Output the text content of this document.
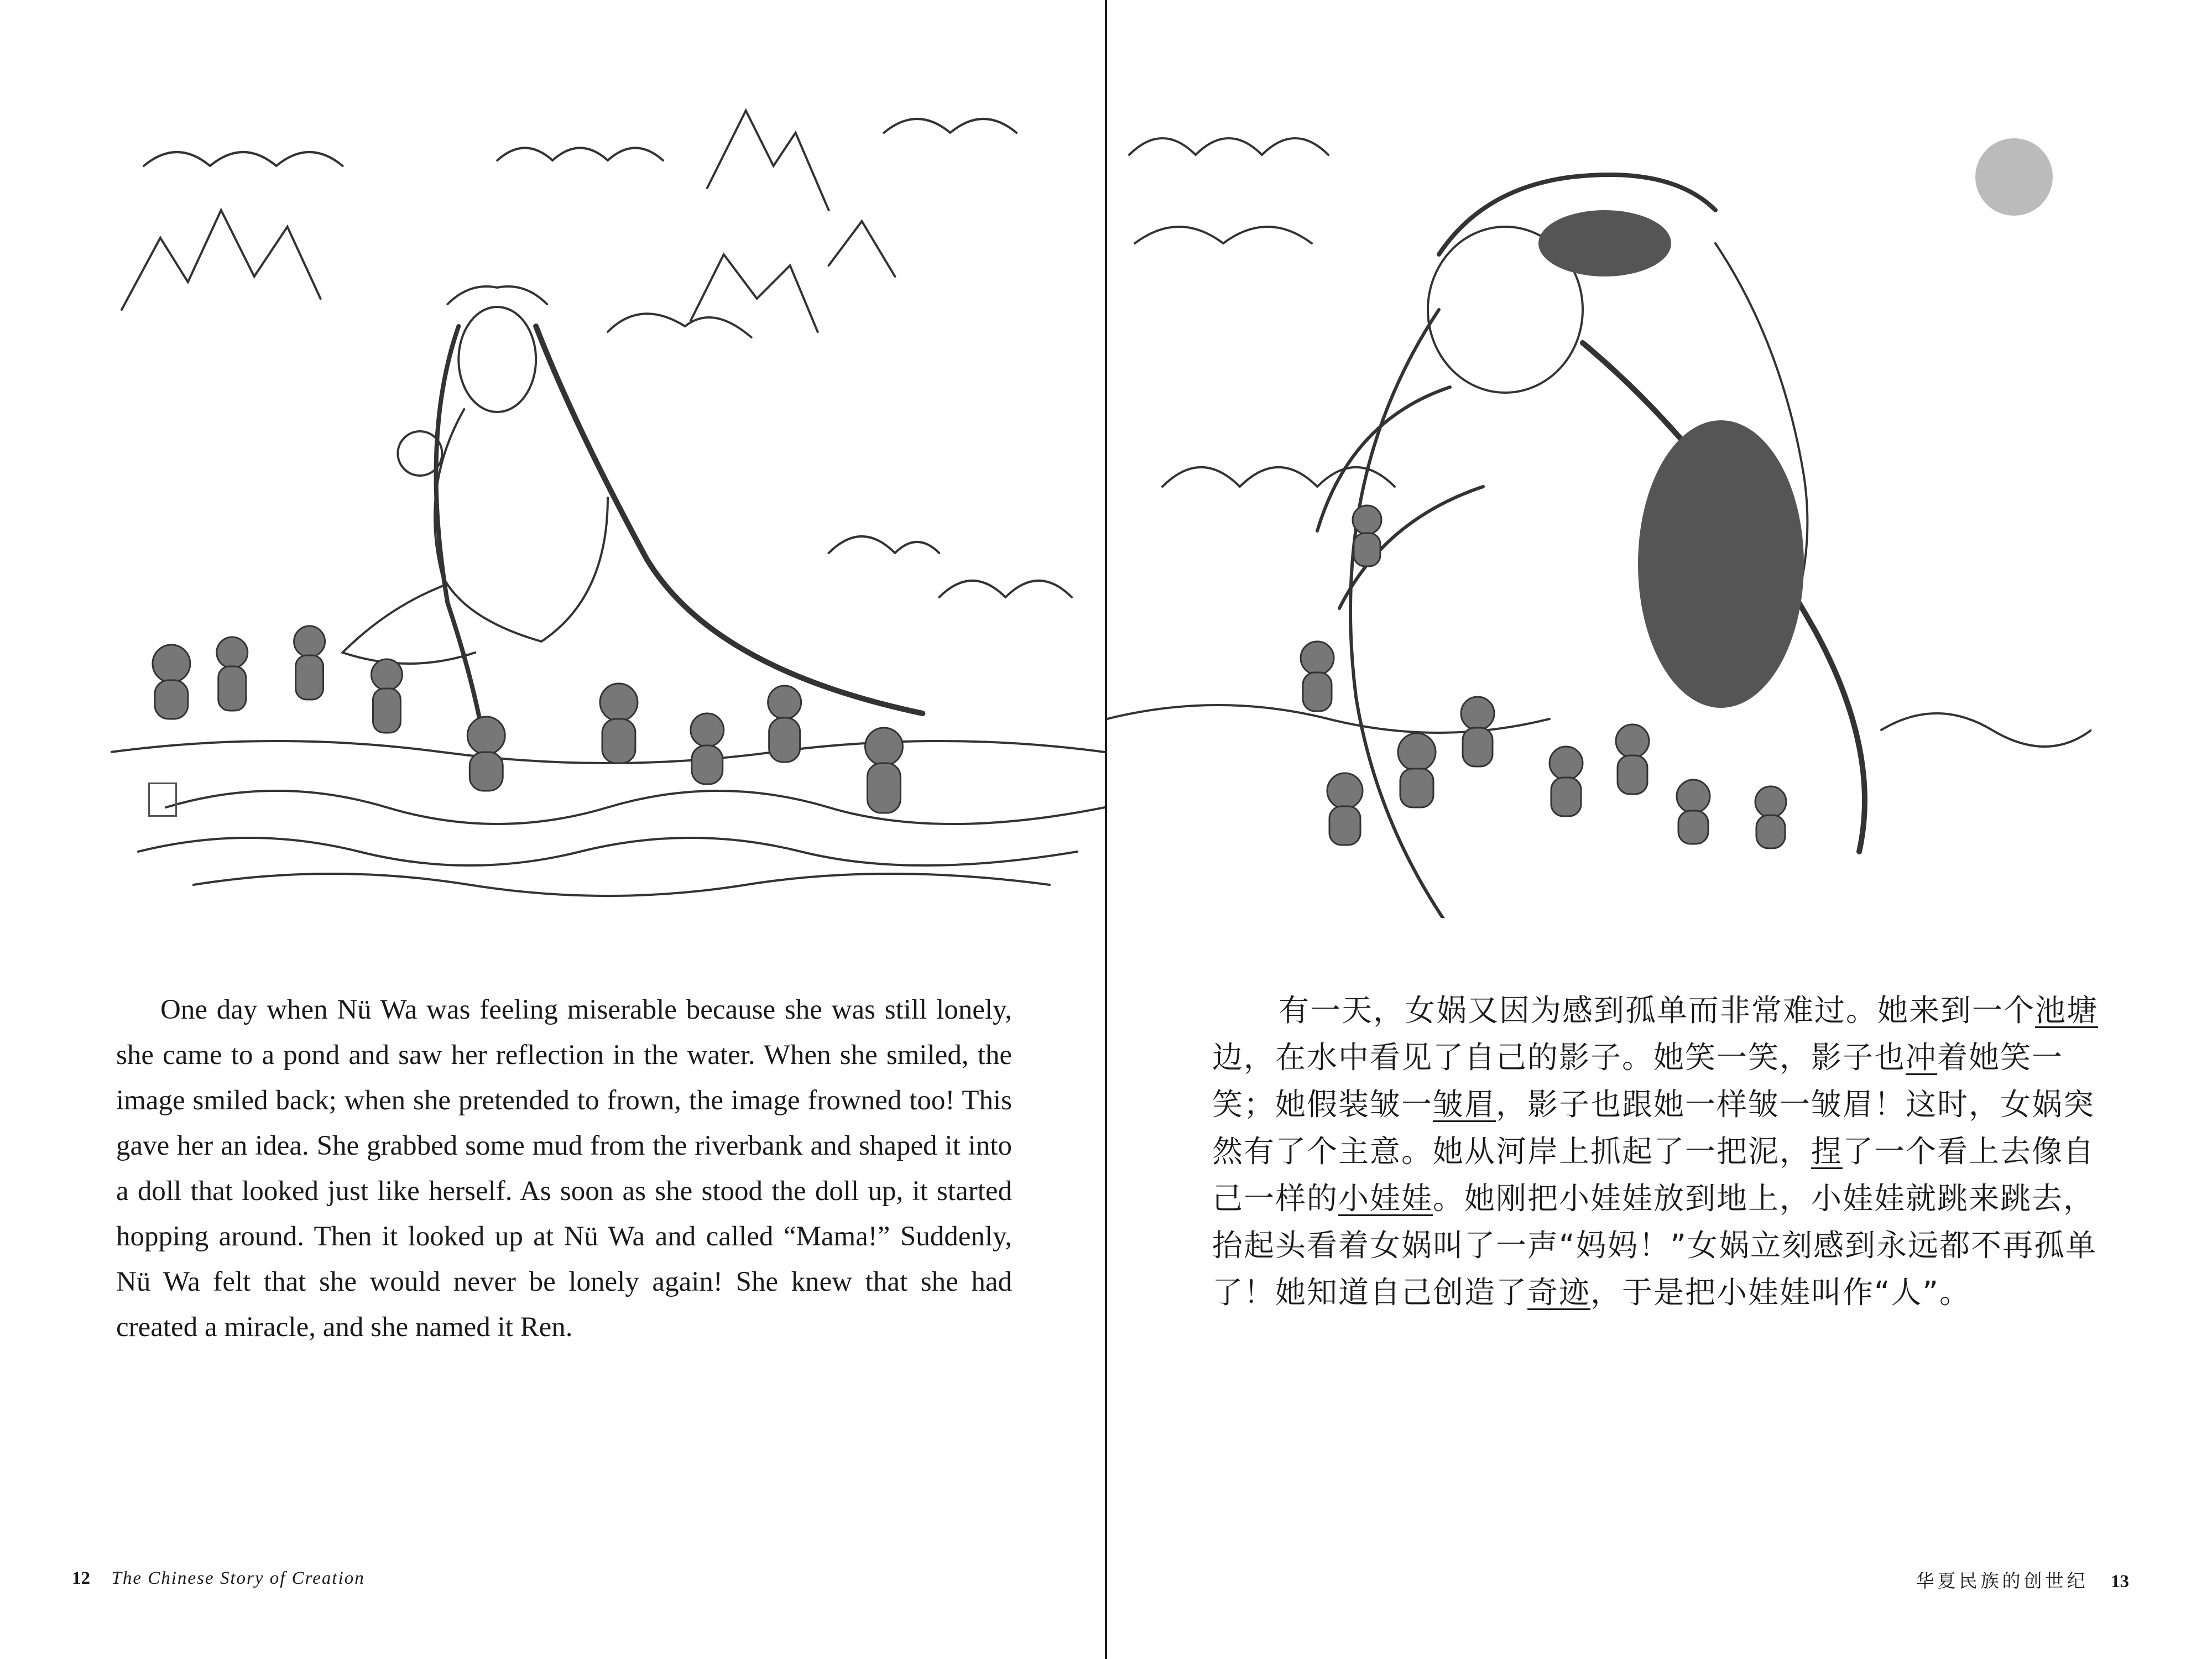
One day when Nü Wa was feeling miserable because she was still lonely, she came to a pond and saw her reflection in the water. When she smiled, the image smiled back; when she pretended to frown, the image frowned too! This gave her an idea. She grabbed some mud from the riverbank and shaped it into a doll that looked just like herself. As soon as she stood the doll up, it started hopping around. Then it looked up at Nü Wa and called “Mama!” Suddenly, Nü Wa felt that she would never be lonely again! She knew that she had created a miracle, and she named it Ren.

12 The Chinese Story of Creation

有一天，女娲又因为感到孤单而非常难过。她来到一个池塘边，在水中看见了自己的影子。她笑一笑，影子也冲着她笑一笑；她假装皱一皱眉，影子也跟她一样皱一皱眉！这时，女娲突然有了个主意。她从河岸上抓起了一把泥，捏了一个看上去像自己一样的小娃娃。她刚把小娃娃放到地上，小娃娃就跳来跳去，抬起头看着女娲叫了一声“妈妈！”女娲立刻感到永远都不再孤单了！她知道自己创造了奇迹，于是把小娃娃叫作“人”。

华夏民族的创世纪 13
